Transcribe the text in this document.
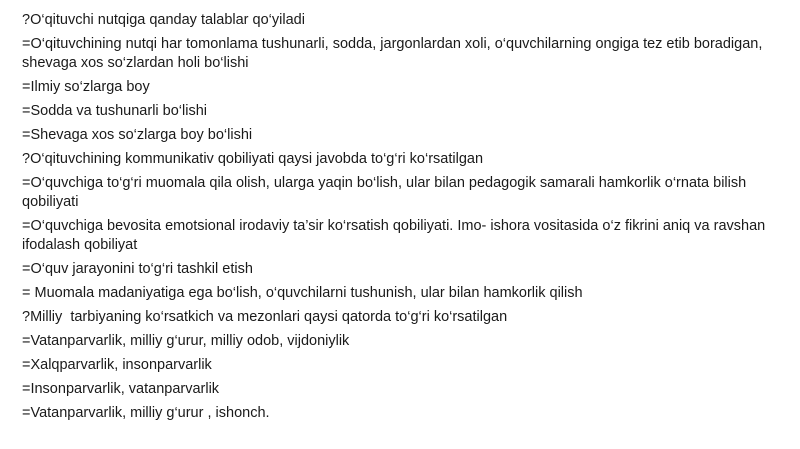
?O‘qituvchi nutqiga qanday talablar qo‘yiladi
=O‘qituvchining nutqi har tomonlama tushunarli, sodda, jargonlardan xoli, o‘quvchilarning ongiga tez etib boradigan, shevaga xos so‘zlardan holi bo‘lishi
=Ilmiy so‘zlarga boy
=Sodda va tushunarli bo‘lishi
=Shevaga xos so‘zlarga boy bo‘lishi
?O‘qituvchining kommunikativ qobiliyati qaysi javobda to‘g‘ri ko‘rsatilgan
=O‘quvchiga to‘g‘ri muomala qila olish, ularga yaqin bo‘lish, ular bilan pedagogik samarali hamkorlik o‘rnata bilish qobiliyati
=O‘quvchiga bevosita emotsional irodaviy ta’sir ko‘rsatish qobiliyati. Imo- ishora vositasida o‘z fikrini aniq va ravshan ifodalash qobiliyat
=O‘quv jarayonini to‘g‘ri tashkil etish
= Muomala madaniyatiga ega bo‘lish, o‘quvchilarni tushunish, ular bilan hamkorlik qilish
?Milliy  tarbiyaning ko‘rsatkich va mezonlari qaysi qatorda to‘g‘ri ko‘rsatilgan
=Vatanparvarlik, milliy g‘urur, milliy odob, vijdoniylik
=Xalqparvarlik, insonparvarlik
=Insonparvarlik, vatanparvarlik
=Vatanparvarlik, milliy g‘urur , ishonch.
